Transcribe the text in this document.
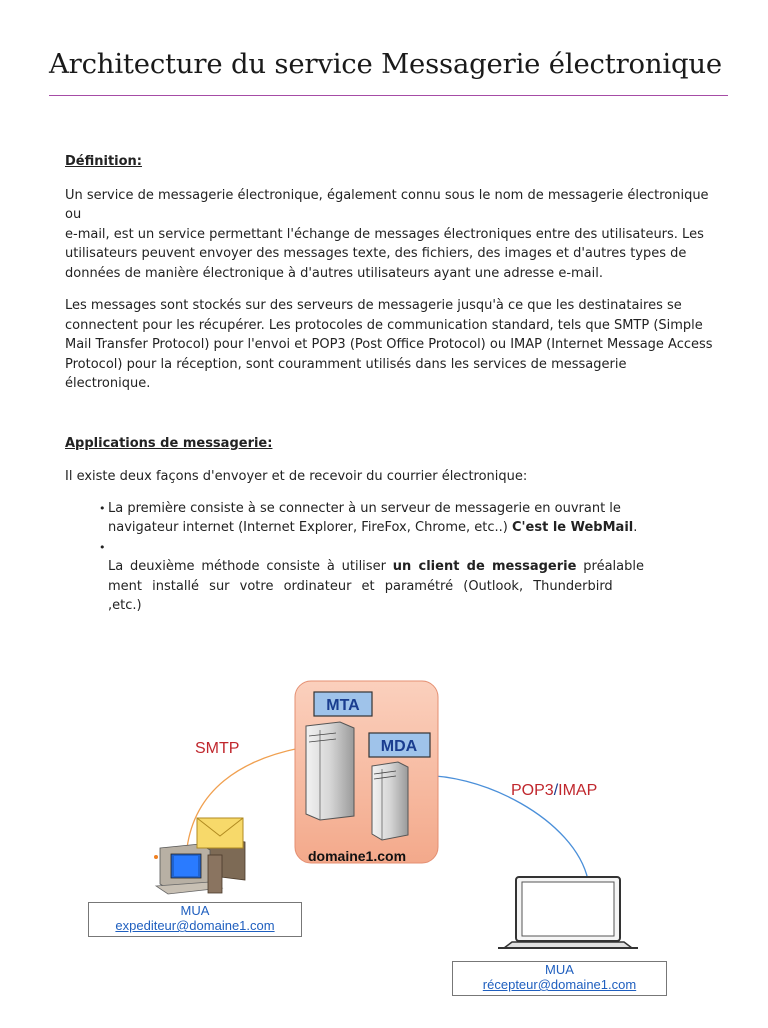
Architecture du service Messagerie électronique

Définition:

Un service de messagerie électronique, également connu sous le nom de messagerie électronique ou
e-mail, est un service permettant l'échange de messages électroniques entre des utilisateurs. Les
utilisateurs peuvent envoyer des messages texte, des fichiers, des images et d'autres types de
données de manière électronique à d'autres utilisateurs ayant une adresse e-mail.

Les messages sont stockés sur des serveurs de messagerie jusqu'à ce que les destinataires se
connectent pour les récupérer. Les protocoles de communication standard, tels que SMTP (Simple
Mail Transfer Protocol) pour l'envoi et POP3 (Post Office Protocol) ou IMAP (Internet Message Access
Protocol) pour la réception, sont couramment utilisés dans les services de messagerie électronique.

Applications de messagerie:

Il existe deux façons d'envoyer et de recevoir du courrier électronique:

• La première consiste à se connecter à un serveur de messagerie en ouvrant le
navigateur internet (Internet Explorer, FireFox, Chrome, etc..) C'est le WebMail.
•

La deuxième méthode consiste à utiliser un client de messagerie préalable
ment installé sur votre ordinateur et paramétré (Outlook, Thunderbird ,etc.)
MTA
MDA
domaine1.com
SMTP
POP3/IMAP
MUA
expediteur@domaine1.com
MUA
récepteur@domaine1.com
